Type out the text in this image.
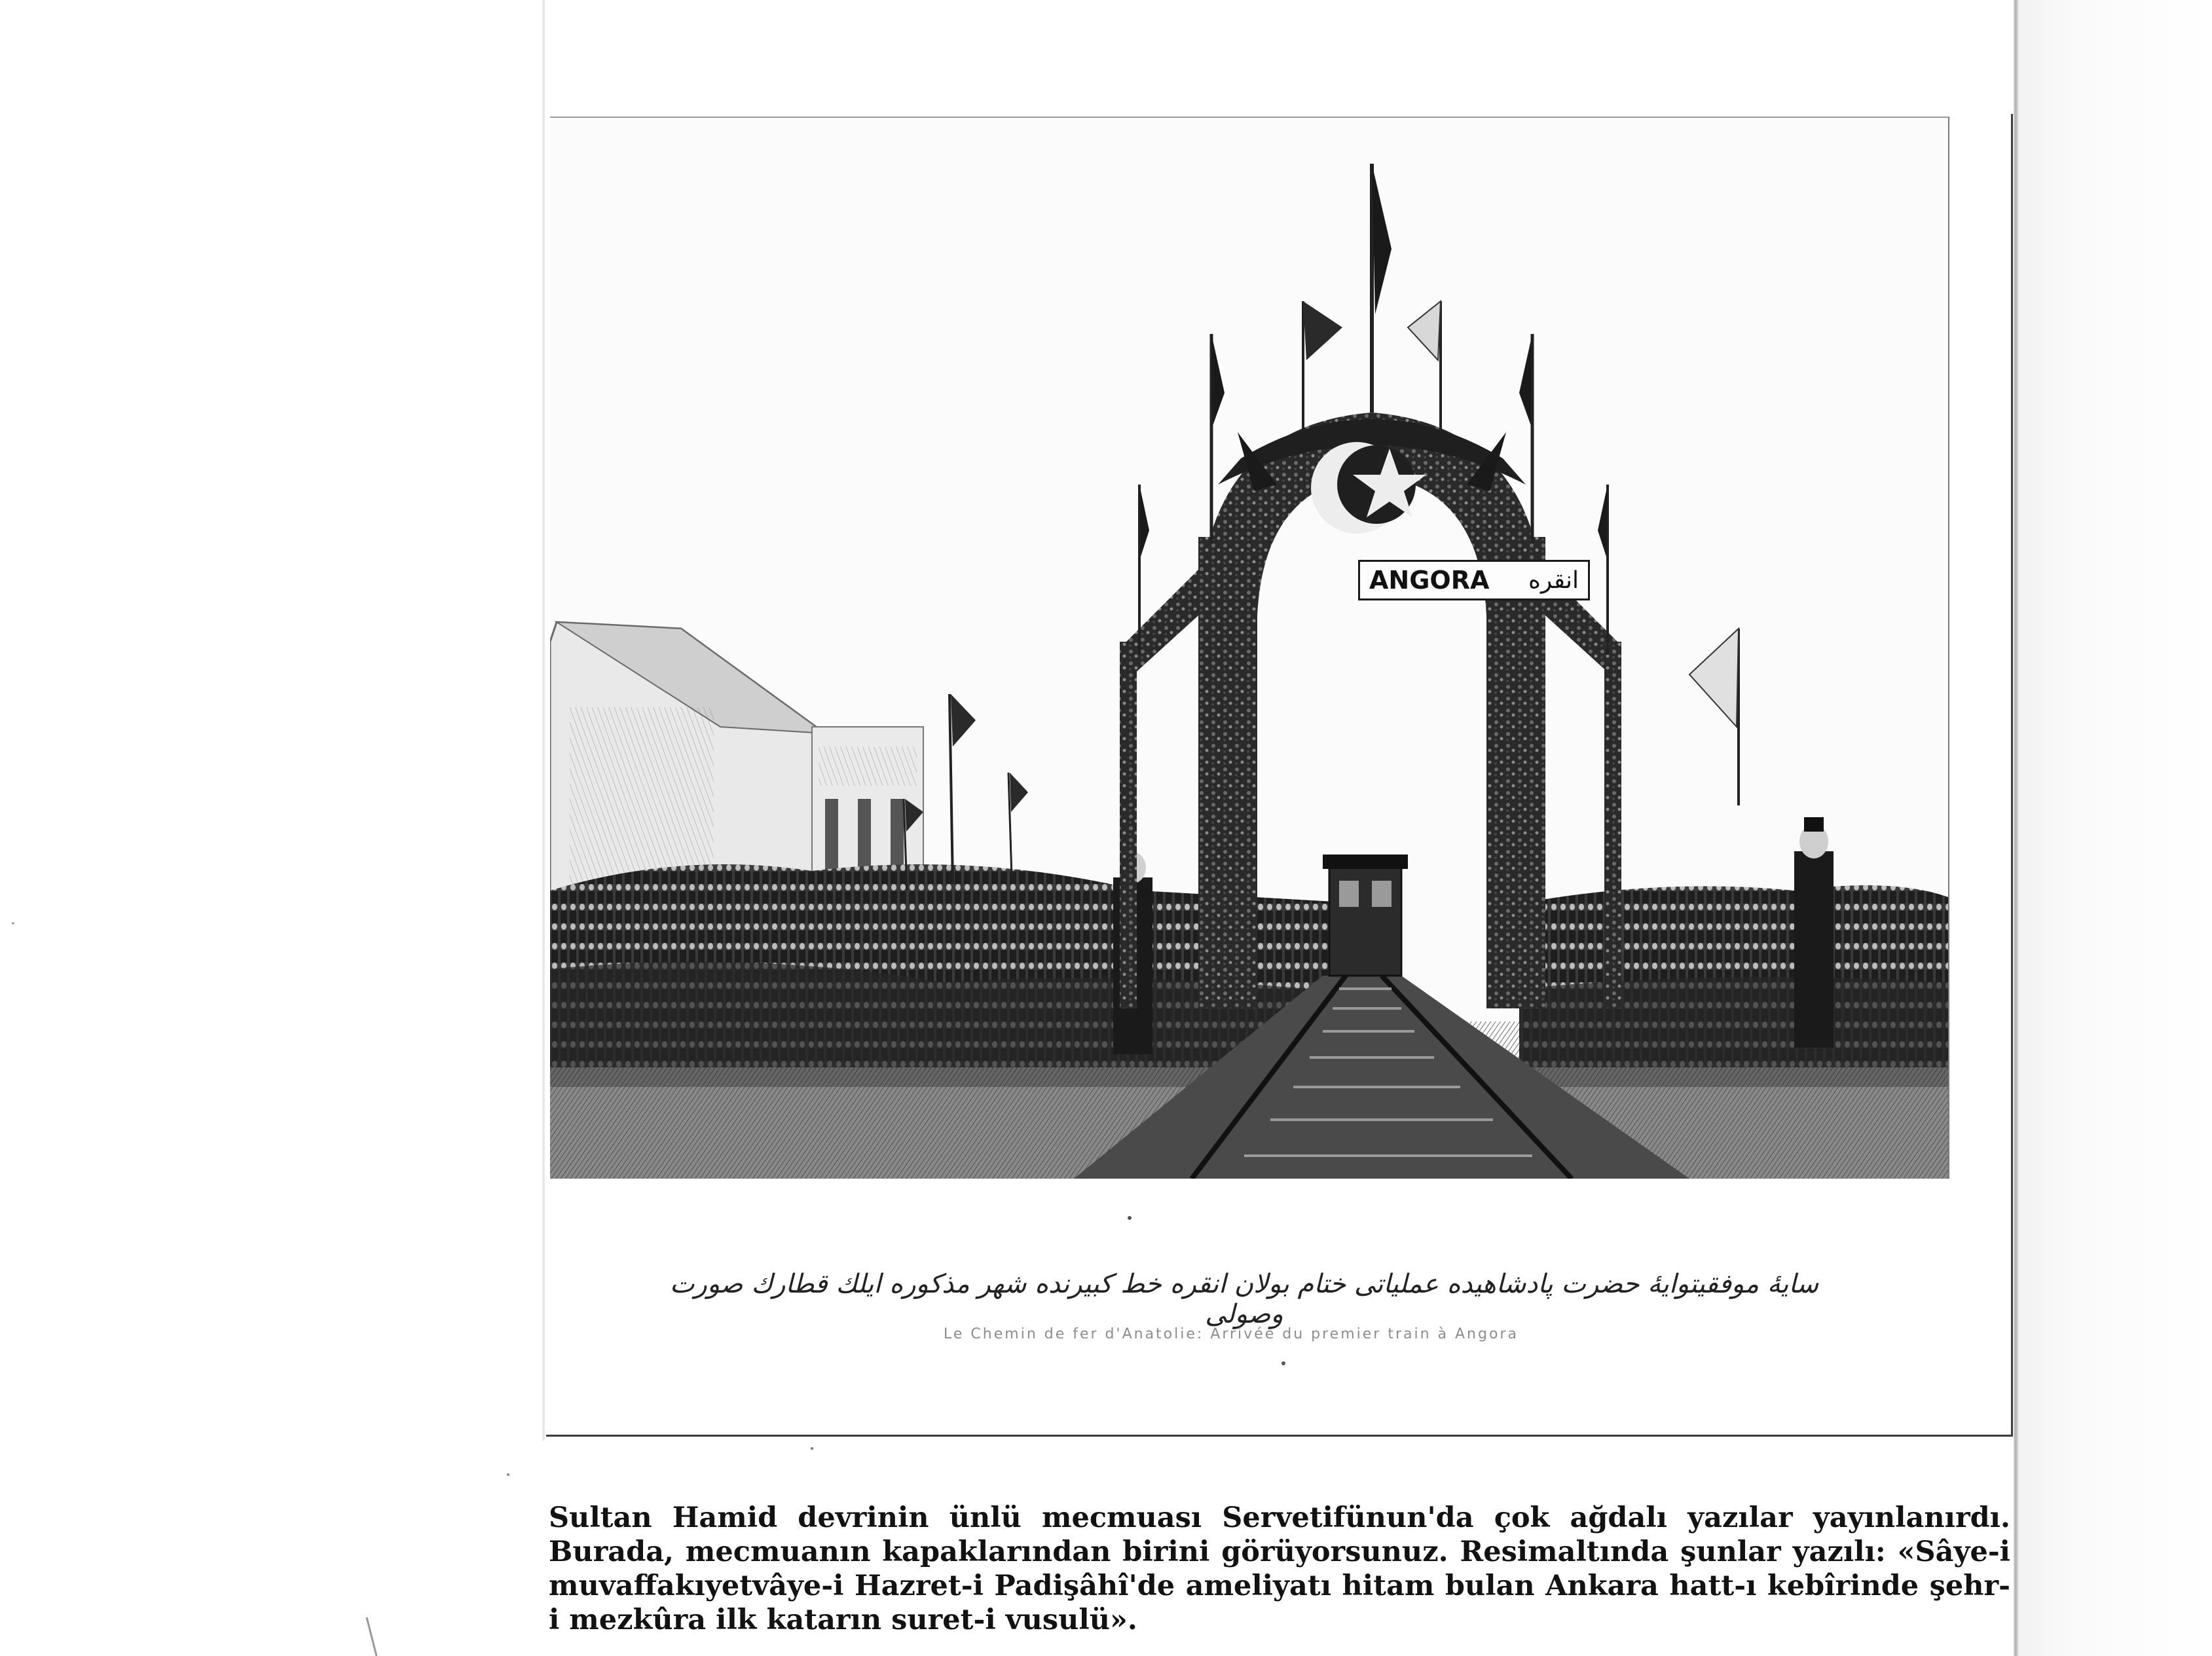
ANGORA انقره
سایهٔ موفقیتوایهٔ حضرت پادشاهیده عملیاتی ختام بولان انقره خط کبیرنده شهر مذکوره ایلك قطارك صورت وصولی
Le Chemin de fer d'Anatolie: Arrivée du premier train à Angora

Sultan Hamid devrinin ünlü mecmuası Servetifünun'da çok ağdalı yazılar yayınlanırdı. Burada, mecmuanın kapaklarından birini görüyorsunuz. Resimaltında şunlar yazılı: «Sâye-i muvaffakıyetvâye-i Hazret-i Padişâhî'de ameliyatı hitam bulan Ankara hatt-ı kebîrinde şehr-i mezkûra ilk katarın suret-i vusulü».
